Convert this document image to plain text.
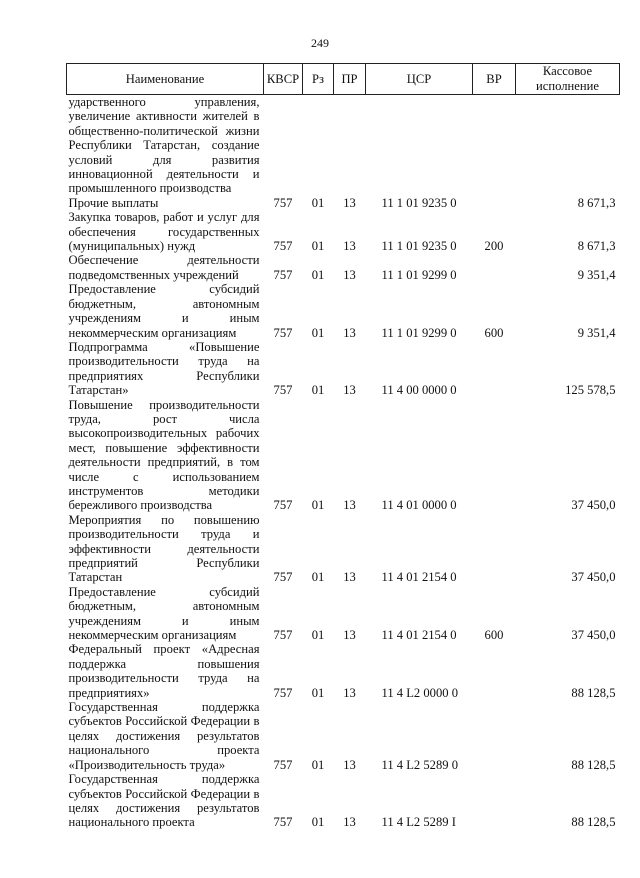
249
Наименование	КВСР	Рз	ПР	ЦСР	ВР	Кассовое
исполнение

ударственного управления, увеличение активности жителей в общественно-политической жизни Республики Татарстан, создание условий для развития инновационной деятельности и промышленного производства						
Прочие выплаты	757	01	13	11 1 01 9235 0		8 671,3
Закупка товаров, работ и услуг для обеспечения государственных (муниципальных) нужд	757	01	13	11 1 01 9235 0	200	8 671,3
Обеспечение деятельности подведомственных учреждений	757	01	13	11 1 01 9299 0		9 351,4
Предоставление субсидий бюджетным, автономным учреждениям и иным некоммерческим организациям	757	01	13	11 1 01 9299 0	600	9 351,4
Подпрограмма «Повышение производительности труда на предприятиях Республики Татарстан»	757	01	13	11 4 00 0000 0		125 578,5
Повышение производительности труда, рост числа высокопроизводительных рабочих мест, повышение эффективности деятельности предприятий, в том числе с использованием инструментов методики бережливого производства	757	01	13	11 4 01 0000 0		37 450,0
Мероприятия по повышению производительности труда и эффективности деятельности предприятий Республики Татарстан	757	01	13	11 4 01 2154 0		37 450,0
Предоставление субсидий бюджетным, автономным учреждениям и иным некоммерческим организациям	757	01	13	11 4 01 2154 0	600	37 450,0
Федеральный проект «Адресная поддержка повышения производительности труда на предприятиях»	757	01	13	11 4 L2 0000 0		88 128,5
Государственная поддержка субъектов Российской Федерации в целях достижения результатов национального проекта «Производительность труда»	757	01	13	11 4 L2 5289 0		88 128,5
Государственная поддержка субъектов Российской Федерации в целях достижения результатов национального проекта	757	01	13	11 4 L2 5289 I		88 128,5
